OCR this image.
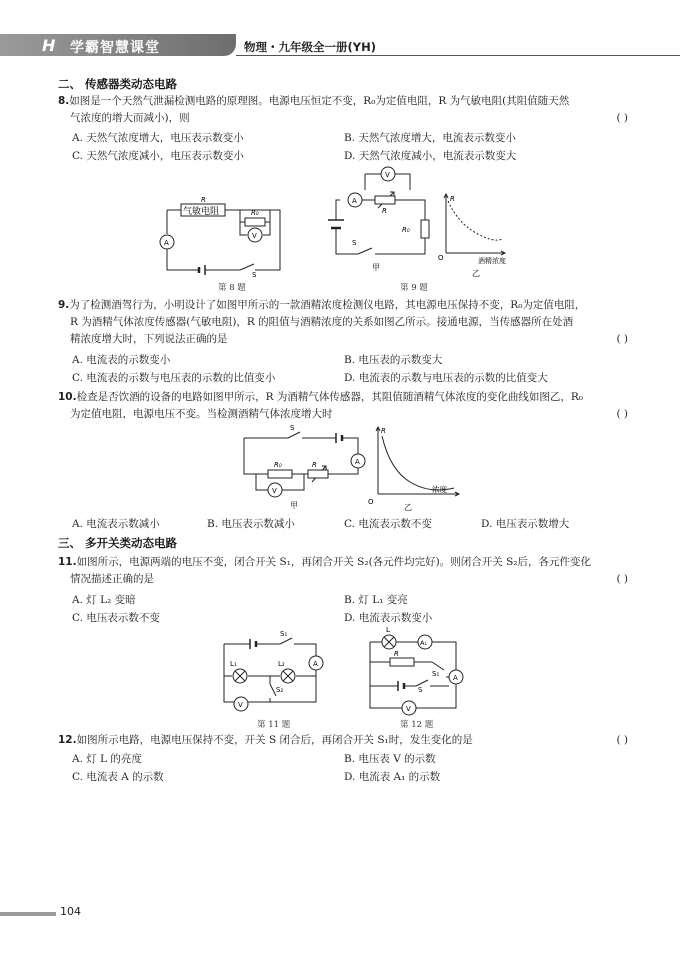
H 学霸智慧课堂	物理・九年级全一册(YH)
二、 传感器类动态电路
8.如图是一个天然气泄漏检测电路的原理图。电源电压恒定不变，R₀为定值电阻，R 为气敏电阻(其阻值随天然
气浓度的增大而减小)，则	( )
A. 天然气浓度增大，电压表示数变小	B. 天然气浓度增大，电流表示数变小
C. 天然气浓度减小，电压表示数变小	D. 天然气浓度减小，电流表示数变大
气敏电阻
R
R₀
V
A
S
第 8 题
V
A
R
R₀
S
甲
R
O	酒精浓度
乙
第 9 题
9.为了检测酒驾行为，小明设计了如图甲所示的一款酒精浓度检测仪电路，其电源电压保持不变，R₀为定值电阻，
R 为酒精气体浓度传感器(气敏电阻)，R 的阻值与酒精浓度的关系如图乙所示。接通电源，当传感器所在处酒
精浓度增大时，下列说法正确的是	( )
A. 电流表的示数变小	B. 电压表的示数变大
C. 电流表的示数与电压表的示数的比值变小	D. 电流表的示数与电压表的示数的比值变大
10.检查是否饮酒的设备的电路如图甲所示，R 为酒精气体传感器，其阻值随酒精气体浓度的变化曲线如图乙，R₀
为定值电阻，电源电压不变。当检测酒精气体浓度增大时	( )
S
R₀	R	A
V
甲
R
O
浓度
乙
A. 电流表示数减小	B. 电压表示数减小	C. 电流表示数不变	D. 电压表示数增大
三、 多开关类动态电路
11.如图所示，电源两端的电压不变，闭合开关 S₁，再闭合开关 S₂(各元件均完好)。则闭合开关 S₂后，各元件变化
情况描述正确的是	( )
A. 灯 L₂ 变暗	B. 灯 L₁ 变亮
C. 电压表示数不变	D. 电流表示数变小
S₁
L₁	L₂
S₂
A
V
第 11 题
L
A₁
R
S₁
S
A
V
第 12 题
12.如图所示电路，电源电压保持不变，开关 S 闭合后，再闭合开关 S₁时，发生变化的是	( )
A. 灯 L 的亮度	B. 电压表 V 的示数
C. 电流表 A 的示数	D. 电流表 A₁ 的示数
104
